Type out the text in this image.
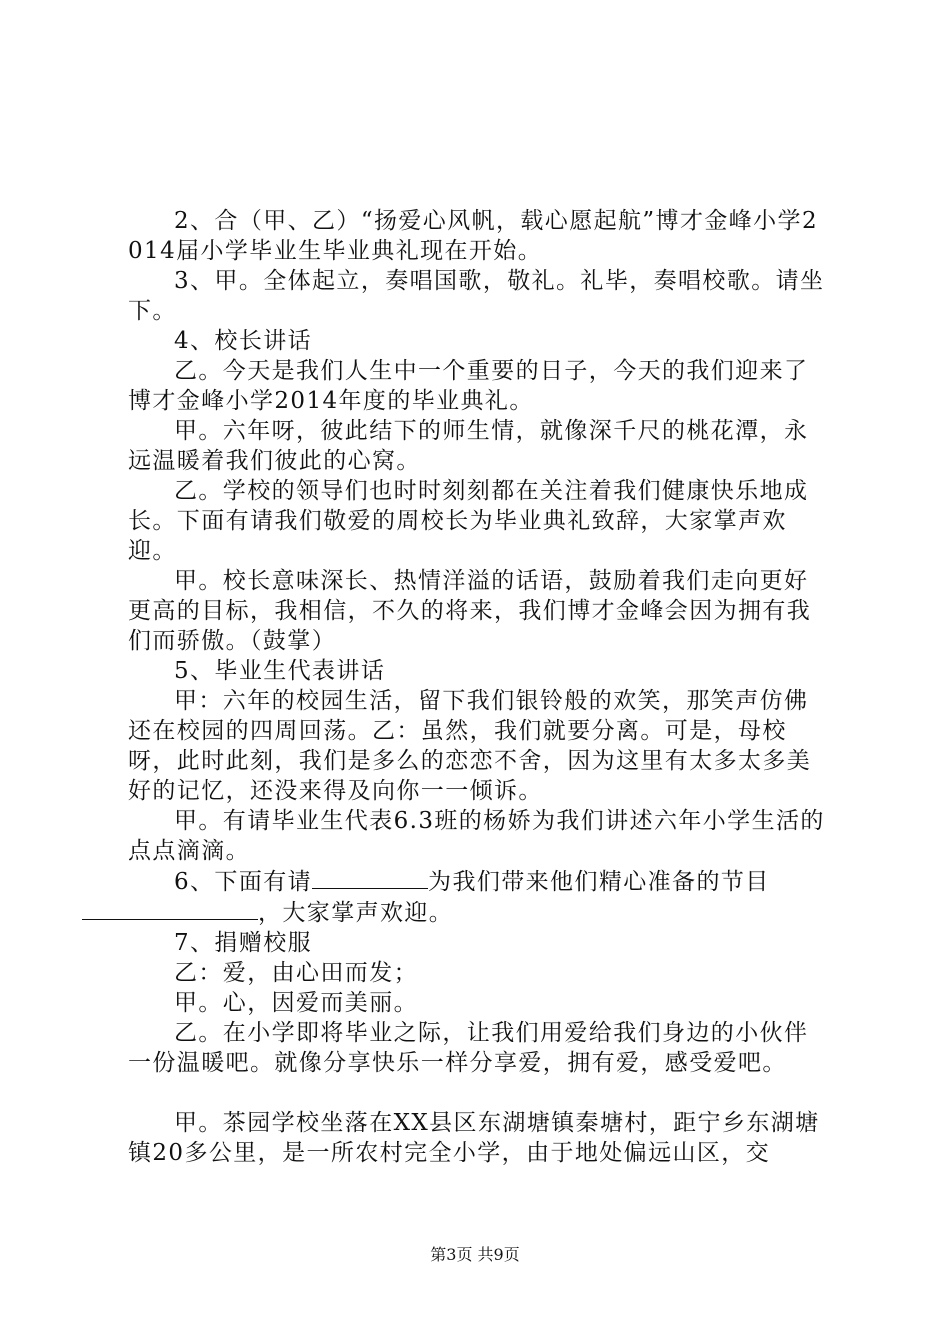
2、合（甲、乙）“扬爱心风帆，载心愿起航”博才金峰小学2014届小学毕业生毕业典礼现在开始。

3、甲。全体起立，奏唱国歌，敬礼。礼毕，奏唱校歌。请坐下。

4、校长讲话

乙。今天是我们人生中一个重要的日子，今天的我们迎来了博才金峰小学2014年度的毕业典礼。

甲。六年呀，彼此结下的师生情，就像深千尺的桃花潭，永远温暖着我们彼此的心窝。

乙。学校的领导们也时时刻刻都在关注着我们健康快乐地成长。下面有请我们敬爱的周校长为毕业典礼致辞，大家掌声欢迎。

甲。校长意味深长、热情洋溢的话语，鼓励着我们走向更好更高的目标，我相信，不久的将来，我们博才金峰会因为拥有我们而骄傲。（鼓掌）

5、毕业生代表讲话

甲：六年的校园生活，留下我们银铃般的欢笑，那笑声仿佛还在校园的四周回荡。乙：虽然，我们就要分离。可是，母校呀，此时此刻，我们是多么的恋恋不舍，因为这里有太多太多美好的记忆，还没来得及向你一一倾诉。

甲。有请毕业生代表6.3班的杨娇为我们讲述六年小学生活的点点滴滴。

6、下面有请	为我们带来他们精心准备的节目，大家掌声欢迎。

7、捐赠校服

乙：爱，由心田而发；

甲。心，因爱而美丽。

乙。在小学即将毕业之际，让我们用爱给我们身边的小伙伴一份温暖吧。就像分享快乐一样分享爱，拥有爱，感受爱吧。

甲。茶园学校坐落在XX县区东湖塘镇秦塘村，距宁乡东湖塘镇20多公里，是一所农村完全小学，由于地处偏远山区，交

第3页 共9页
